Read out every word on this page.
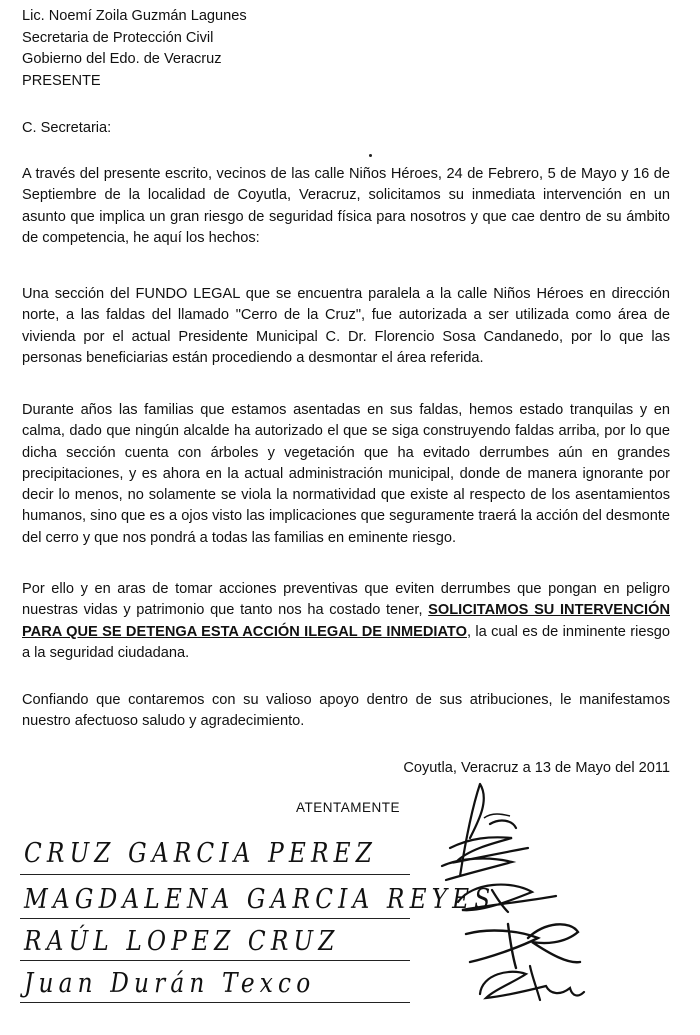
Lic. Noemí Zoila Guzmán Lagunes
Secretaria de Protección Civil
Gobierno del Edo. de Veracruz
PRESENTE
C. Secretaria:
A través del presente escrito, vecinos de las calle Niños Héroes, 24 de Febrero, 5 de Mayo y 16 de Septiembre de la localidad de Coyutla, Veracruz, solicitamos su inmediata intervención en un asunto que implica un gran riesgo de seguridad física para nosotros y que cae dentro de su ámbito de competencia, he aquí los hechos:
Una sección del FUNDO LEGAL que se encuentra paralela a la calle Niños Héroes en dirección norte, a las faldas del llamado "Cerro de la Cruz", fue autorizada a ser utilizada como área de vivienda por el actual Presidente Municipal C. Dr. Florencio Sosa Candanedo, por lo que las personas beneficiarias están procediendo a desmontar el área referida.
Durante años las familias que estamos asentadas en sus faldas, hemos estado tranquilas y en calma, dado que ningún alcalde ha autorizado el que se siga construyendo faldas arriba, por lo que dicha sección cuenta con árboles y vegetación que ha evitado derrumbes aún en grandes precipitaciones, y es ahora en la actual administración municipal, donde de manera ignorante por decir lo menos, no solamente se viola la normatividad que existe al respecto de los asentamientos humanos, sino que es a ojos visto las implicaciones que seguramente traerá la acción del desmonte del cerro y que nos pondrá a todas las familias en eminente riesgo.
Por ello y en aras de tomar acciones preventivas que eviten derrumbes que pongan en peligro nuestras vidas y patrimonio que tanto nos ha costado tener, SOLICITAMOS SU INTERVENCIÓN PARA QUE SE DETENGA ESTA ACCIÓN ILEGAL DE INMEDIATO, la cual es de inminente riesgo a la seguridad ciudadana.
Confiando que contaremos con su valioso apoyo dentro de sus atribuciones, le manifestamos nuestro afectuoso saludo y agradecimiento.
Coyutla, Veracruz a 13 de Mayo del 2011
ATENTAMENTE
CRUZ GARCIA PEREZ
MAGDALENA GARCIA REYES
RAÚL LOPEZ CRUZ
Juan Durán Texco
